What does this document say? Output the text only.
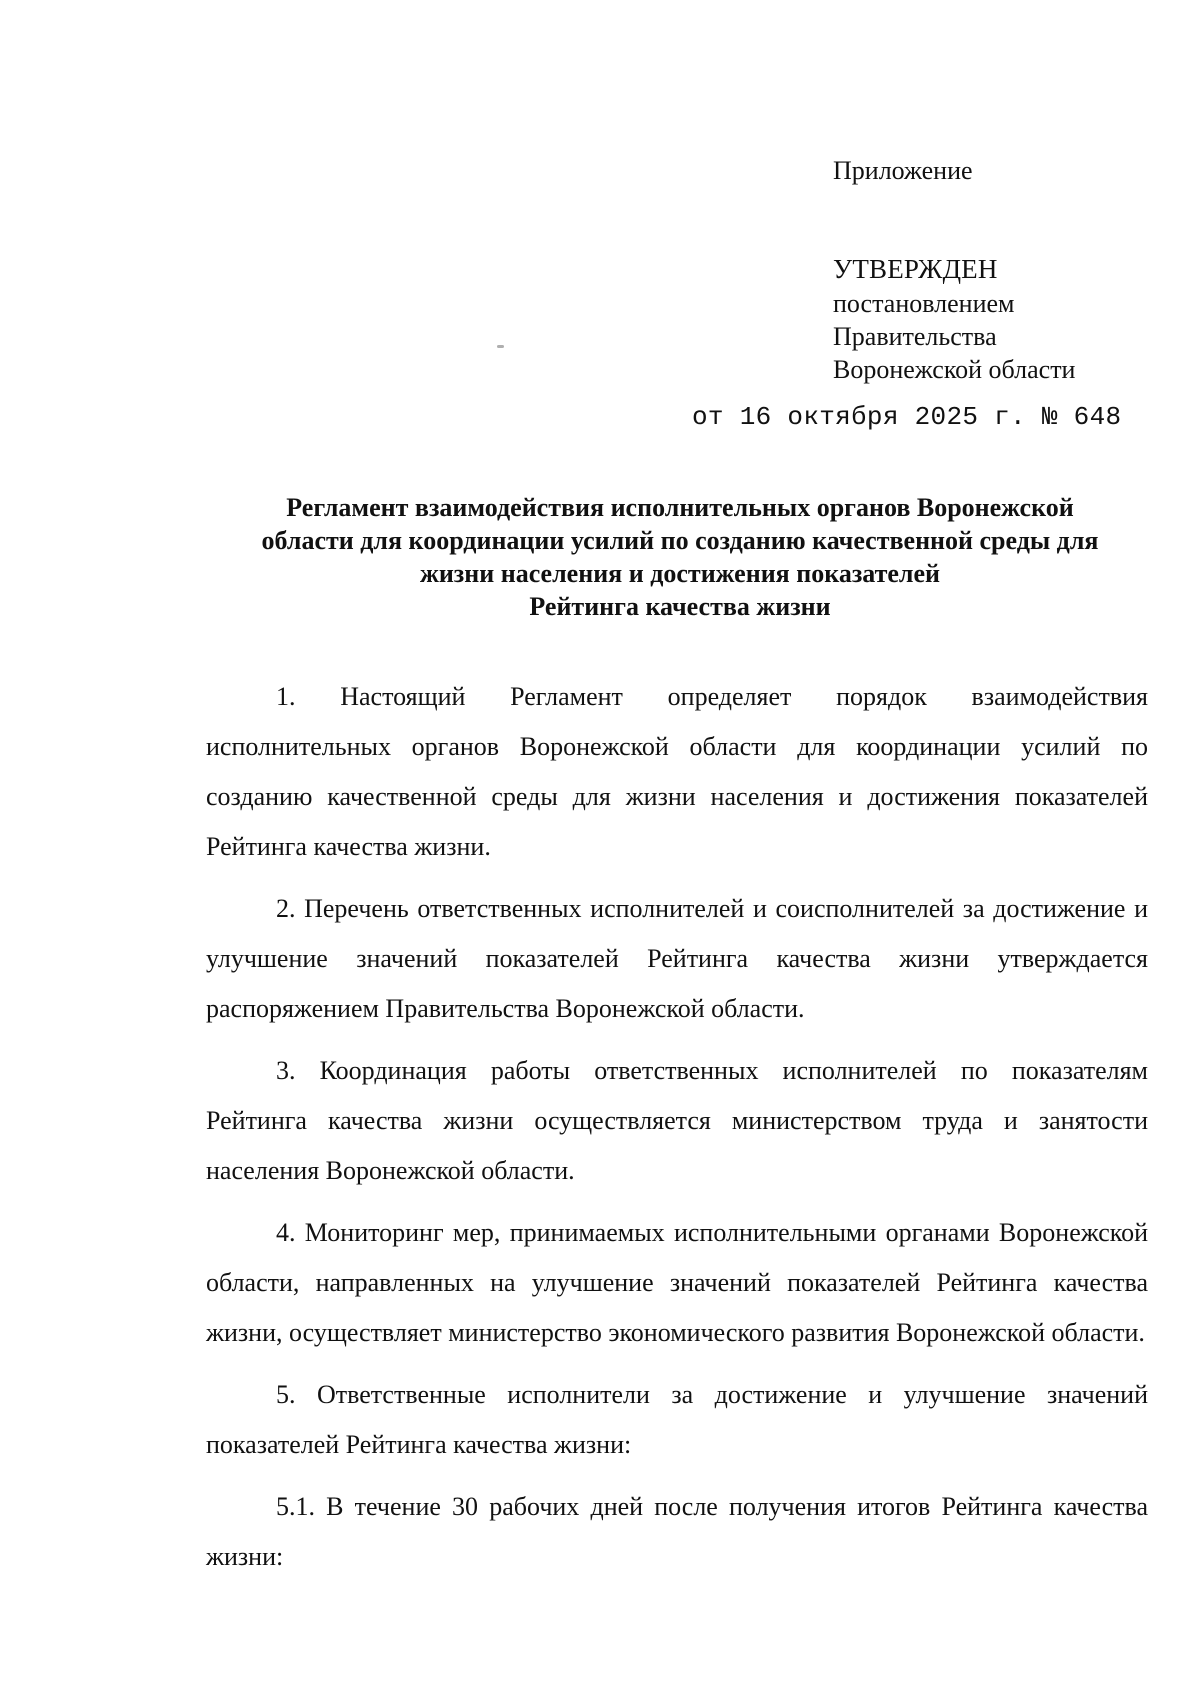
Приложение
УТВЕРЖДЕН
постановлением
Правительства
Воронежской области
от 16 октября 2025 г. № 648
Регламент взаимодействия исполнительных органов Воронежской
области для координации усилий по созданию качественной среды для
жизни населения и достижения показателей
Рейтинга качества жизни

1. Настоящий Регламент определяет порядок взаимодействия исполнительных органов Воронежской области для координации усилий по созданию качественной среды для жизни населения и достижения показателей Рейтинга качества жизни.

2. Перечень ответственных исполнителей и соисполнителей за достижение и улучшение значений показателей Рейтинга качества жизни утверждается распоряжением Правительства Воронежской области.

3. Координация работы ответственных исполнителей по показателям Рейтинга качества жизни осуществляется министерством труда и занятости населения Воронежской области.

4. Мониторинг мер, принимаемых исполнительными органами Воронежской области, направленных на улучшение значений показателей Рейтинга качества жизни, осуществляет министерство экономического развития Воронежской области.

5. Ответственные исполнители за достижение и улучшение значений показателей Рейтинга качества жизни:

5.1. В течение 30 рабочих дней после получения итогов Рейтинга качества жизни:
